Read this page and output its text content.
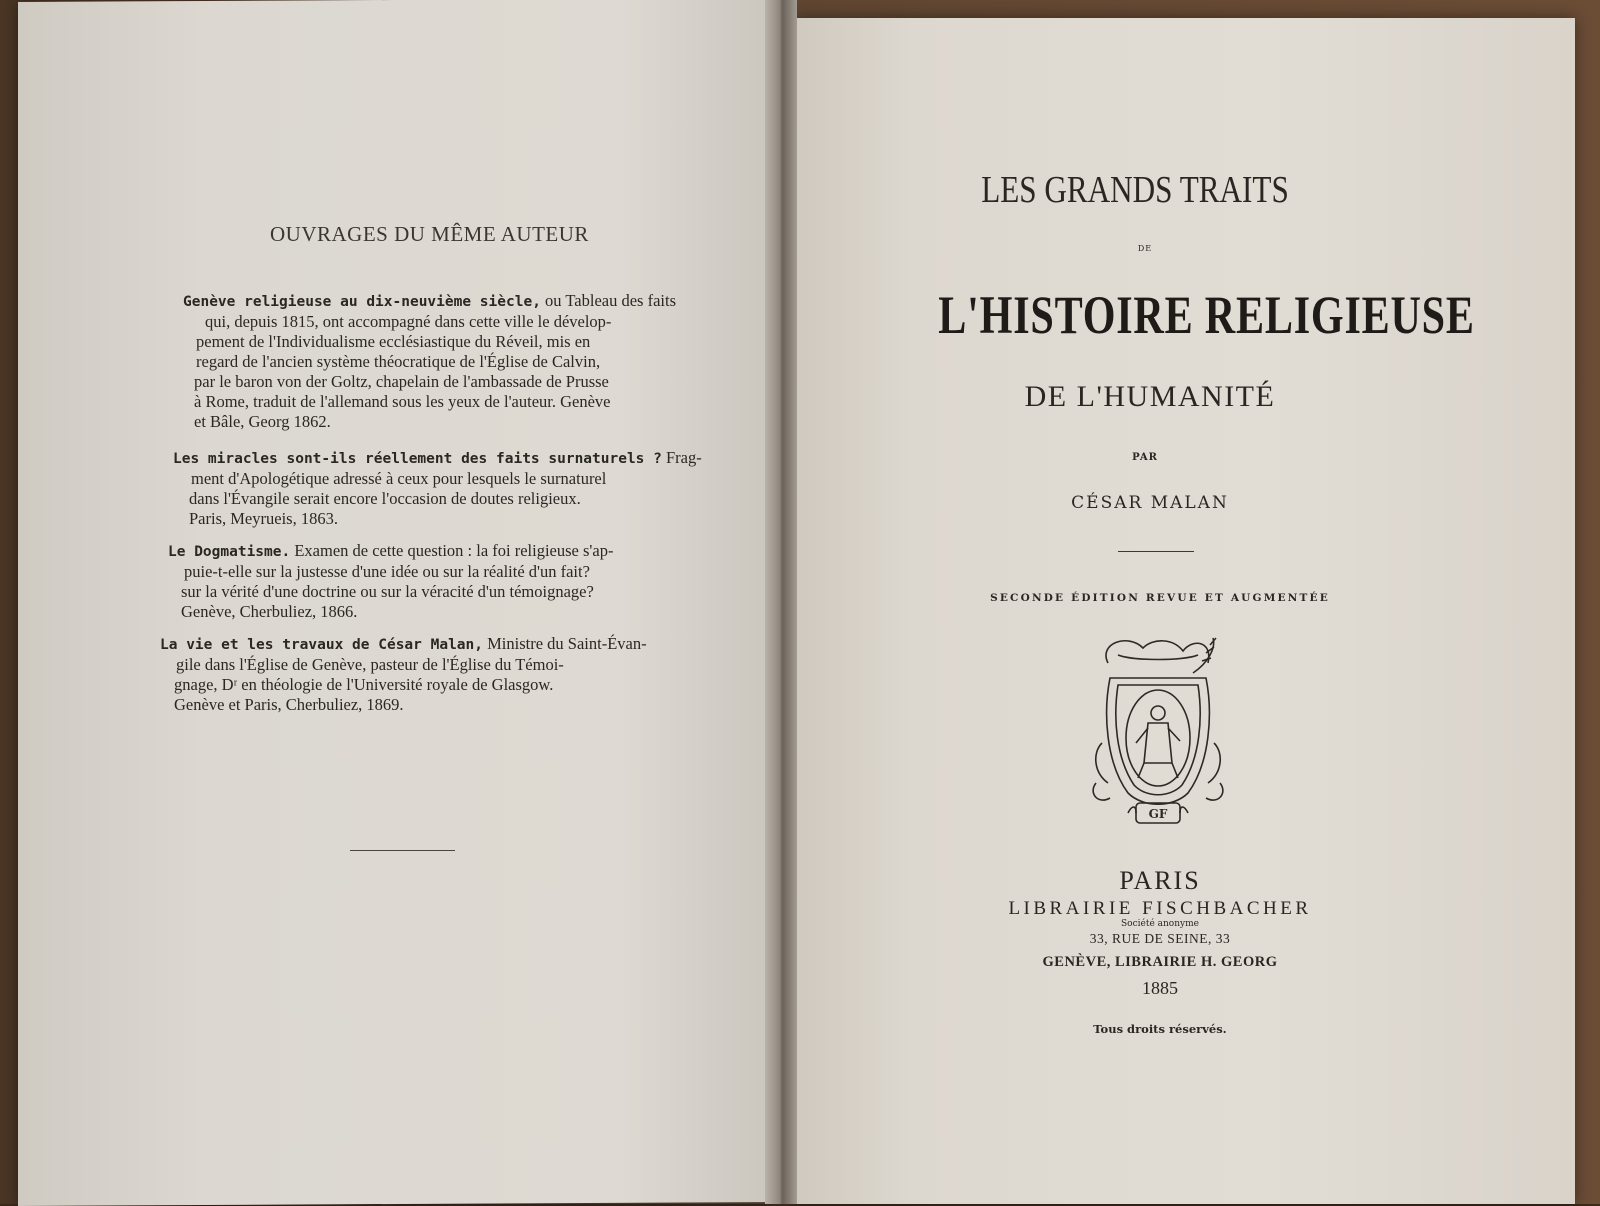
OUVRAGES DU MÊME AUTEUR
Genève religieuse au dix-neuvième siècle, ou Tableau des faits
qui, depuis 1815, ont accompagné dans cette ville le dévelop-
pement de l'Individualisme ecclésiastique du Réveil, mis en
regard de l'ancien système théocratique de l'Église de Calvin,
par le baron von der Goltz, chapelain de l'ambassade de Prusse
à Rome, traduit de l'allemand sous les yeux de l'auteur. Genève
et Bâle, Georg 1862.
Les miracles sont-ils réellement des faits surnaturels ? Frag-
ment d'Apologétique adressé à ceux pour lesquels le surnaturel
dans l'Évangile serait encore l'occasion de doutes religieux.
Paris, Meyrueis, 1863.
Le Dogmatisme. Examen de cette question : la foi religieuse s'ap-
puie-t-elle sur la justesse d'une idée ou sur la réalité d'un fait?
sur la vérité d'une doctrine ou sur la véracité d'un témoignage?
Genève, Cherbuliez, 1866.
La vie et les travaux de César Malan, Ministre du Saint-Évan-
gile dans l'Église de Genève, pasteur de l'Église du Témoi-
gnage, Dʳ en théologie de l'Université royale de Glasgow.
Genève et Paris, Cherbuliez, 1869.
LES GRANDS TRAITS
DE
L'HISTOIRE RELIGIEUSE
DE L'HUMANITÉ
PAR
CÉSAR MALAN
SECONDE ÉDITION REVUE ET AUGMENTÉE
GF
PARIS
LIBRAIRIE FISCHBACHER
Société anonyme
33, RUE DE SEINE, 33
GENÈVE, LIBRAIRIE H. GEORG
1885
Tous droits réservés.
